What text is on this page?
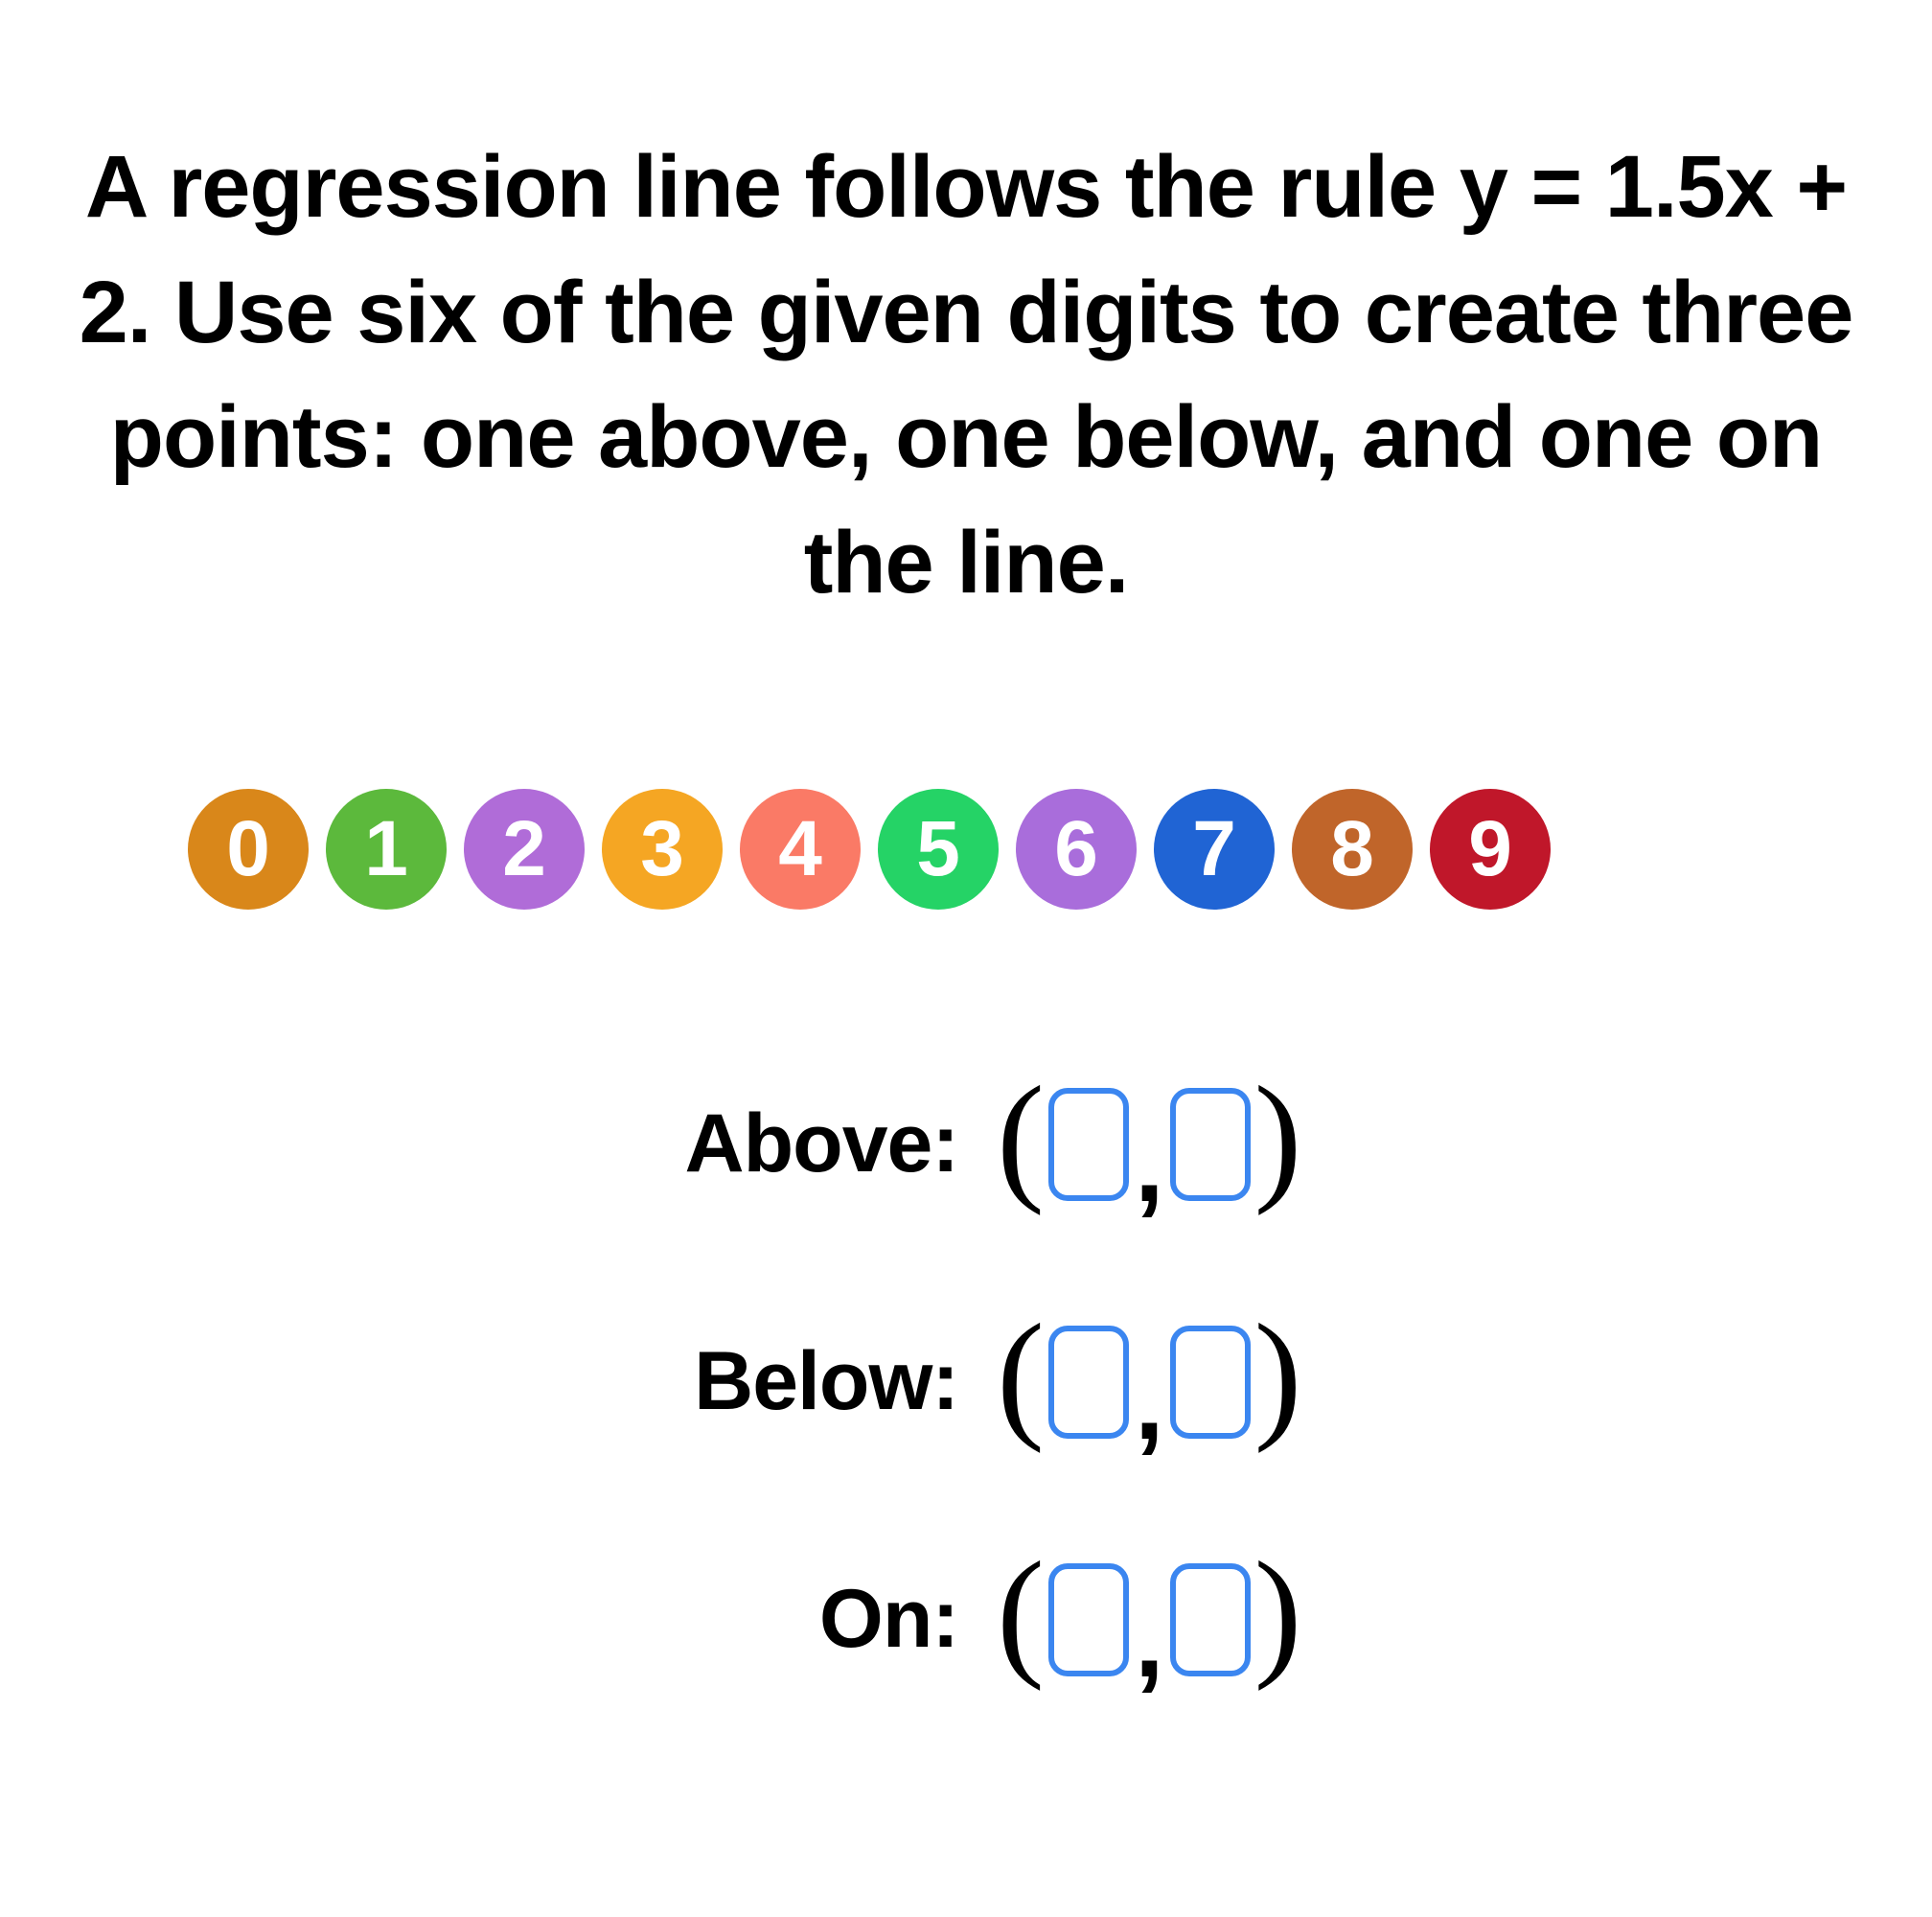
A regression line follows the rule y = 1.5x + 2. Use six of the given digits to create three points: one above, one below, and one on the line.
0 1 2 3 4 5 6 7 8 9
Above: ( , )
Below: ( , )
On: ( , )
